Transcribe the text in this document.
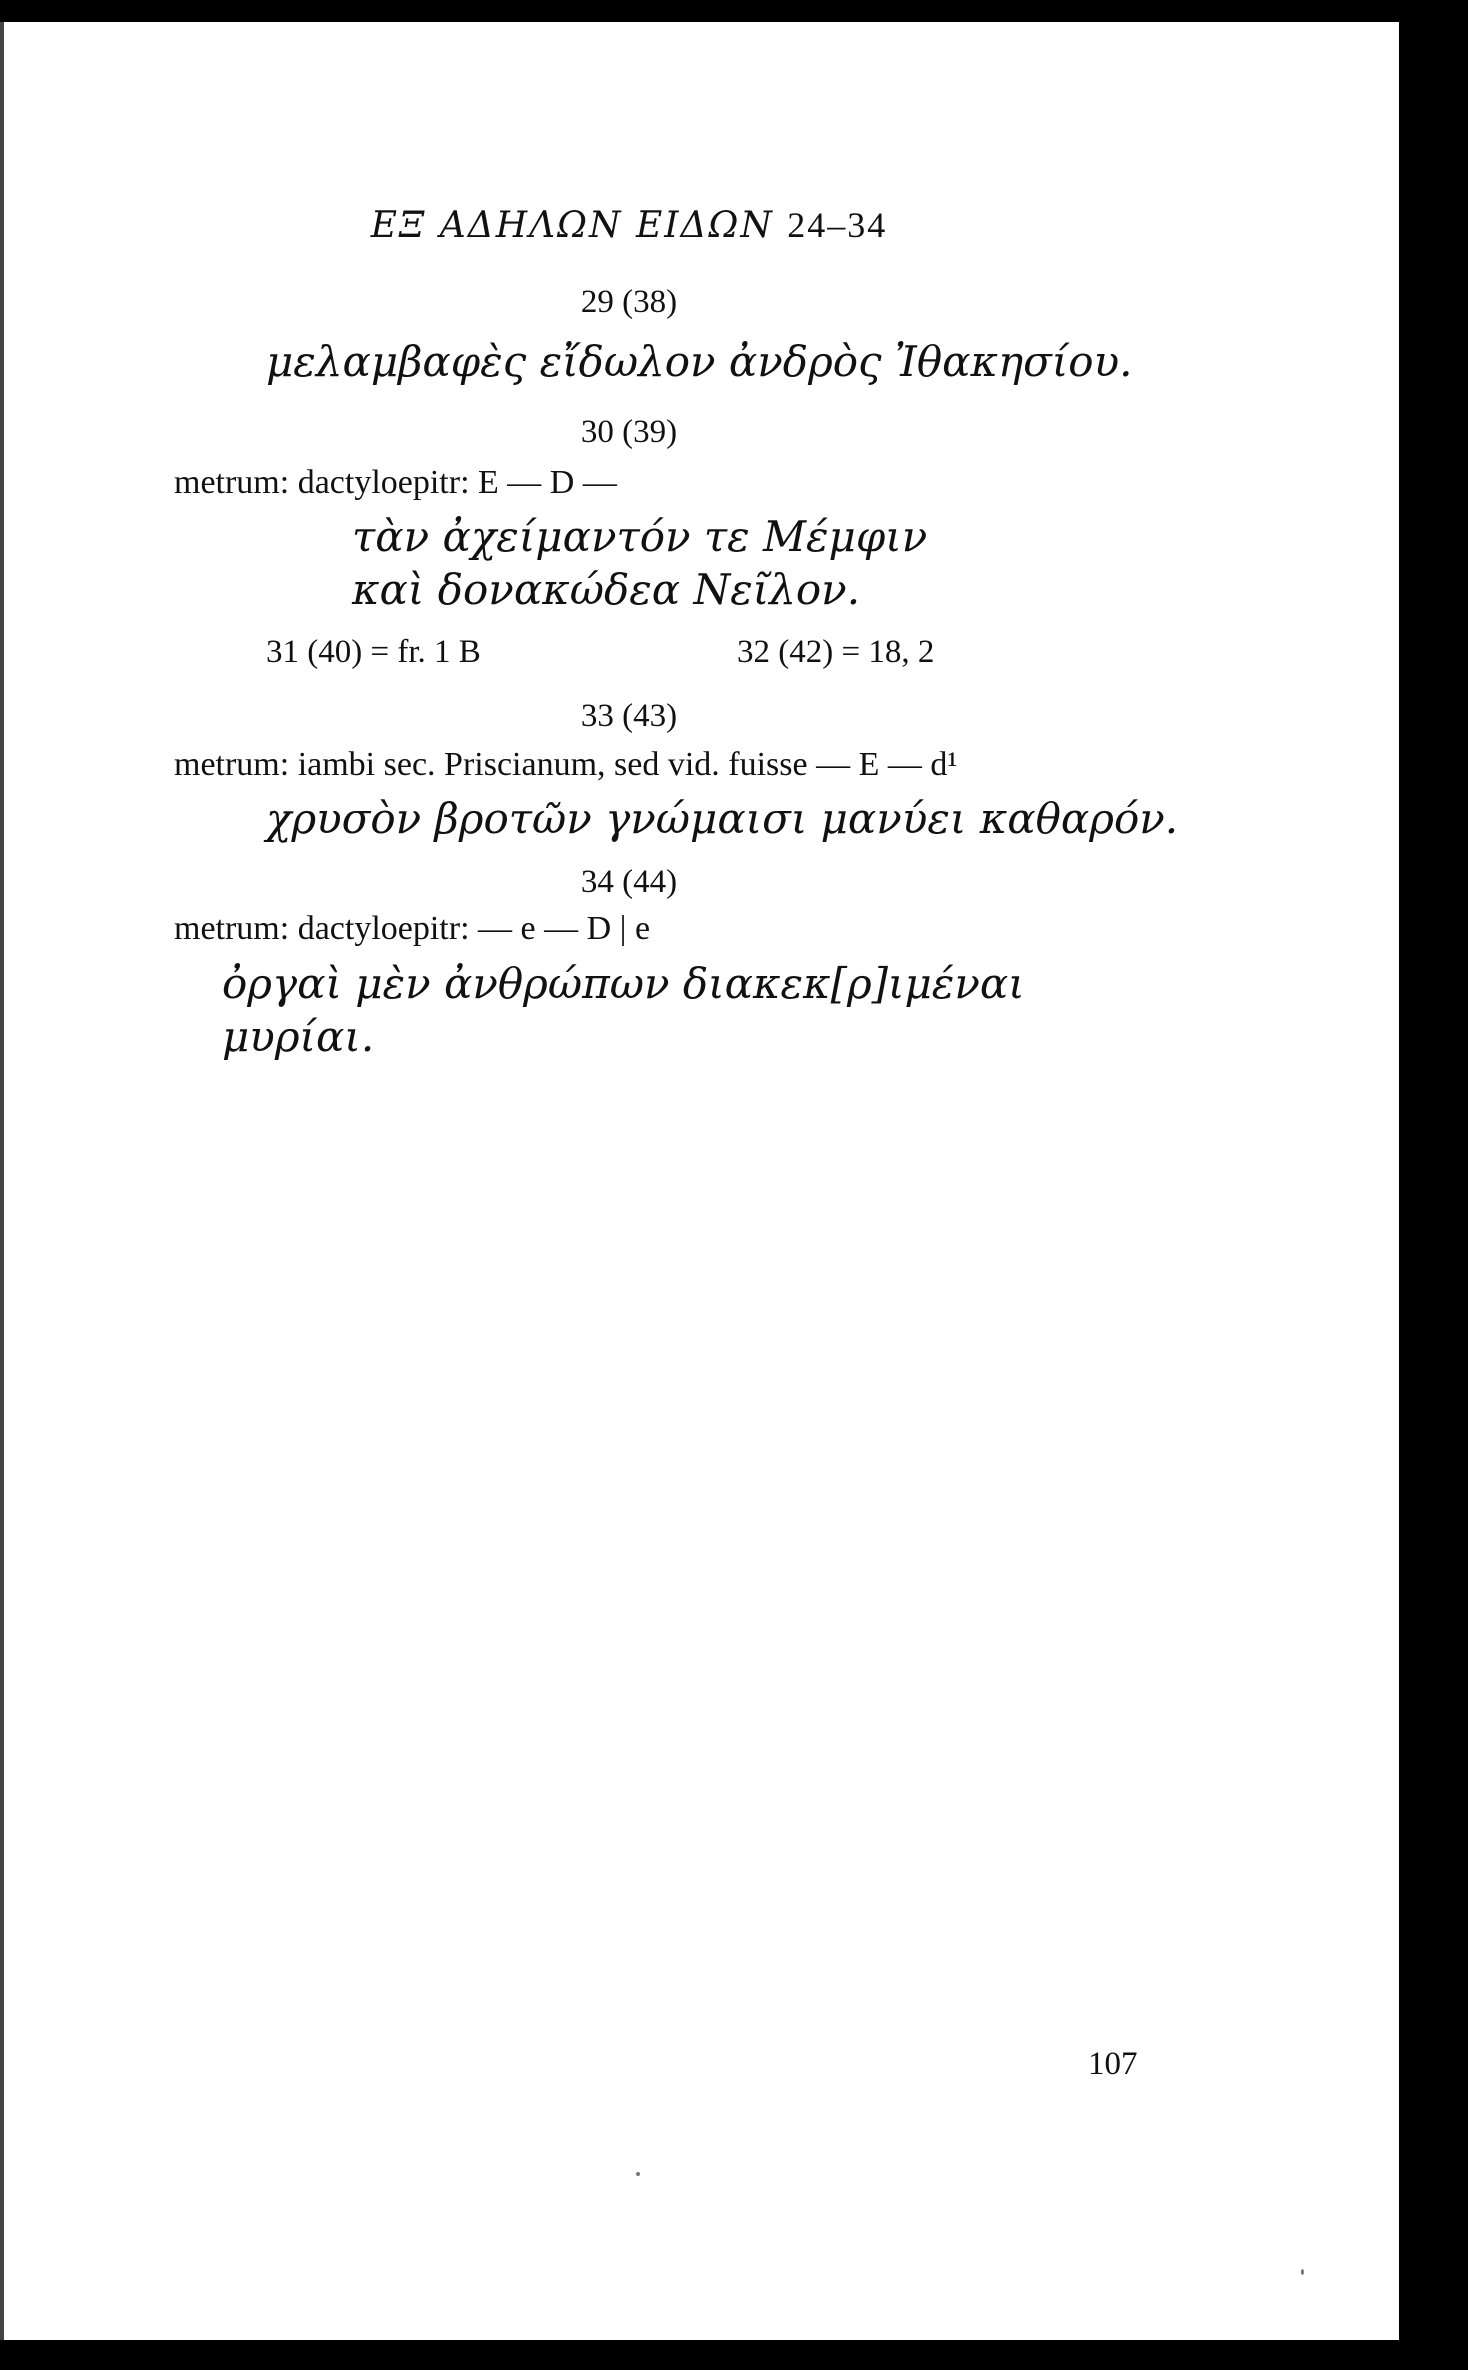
ΕΞ ΑΔΗΛΩΝ ΕΙΔΩΝ 24–34
29 (38)
μελαμβαφὲς εἴδωλον ἀνδρὸς Ἰθακησίου.
30 (39)
metrum: dactyloepitr: E — D —
τὰν ἀχείμαντόν τε Μέμφιν
καὶ δονακώδεα Νεῖλον.
31 (40) = fr. 1 B	32 (42) = 18, 2
33 (43)
metrum: iambi sec. Priscianum, sed vid. fuisse — E — d¹
χρυσὸν βροτῶν γνώμαισι μανύει καθαρόν.
34 (44)
metrum: dactyloepitr: — e — D | e
ὀργαὶ μὲν ἀνθρώπων διακεκ[ρ]ιμέναι
μυρίαι.
107
